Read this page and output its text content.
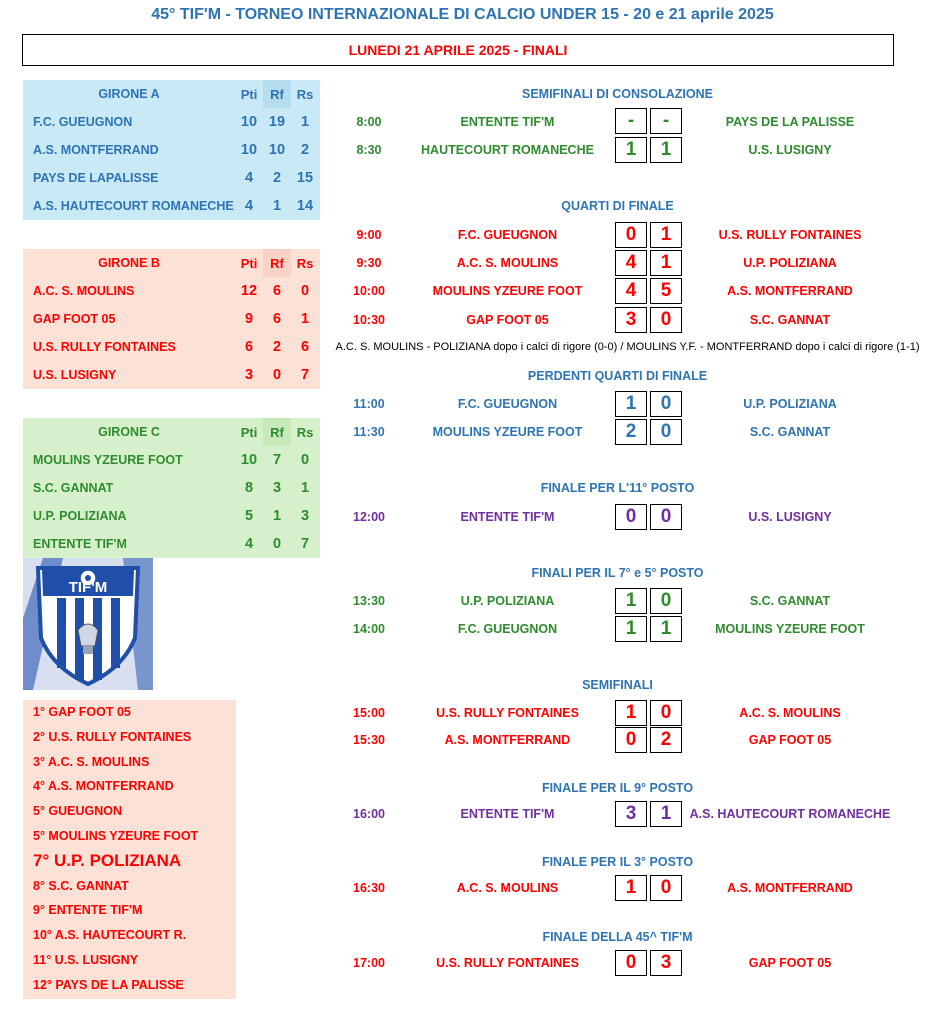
45° TIF'M - TORNEO INTERNAZIONALE DI CALCIO UNDER 15 - 20 e 21 aprile 2025
LUNEDI 21 APRILE 2025 - FINALI
GIRONE A	Pti Rf Rs
F.C. GUEUGNON	10 19	1
A.S. MONTFERRAND	10 10	2
PAYS DE LAPALISSE	4	2	15
A.S. HAUTECOURT ROMANECHE 4	1	14
GIRONE B	Pti Rf Rs
A.C. S. MOULINS	12	6	0
GAP FOOT 05	9	6	1
U.S. RULLY FONTAINES	6	2	6
U.S. LUSIGNY	3	0	7
GIRONE C	Pti Rf Rs
MOULINS YZEURE FOOT	10	7	0
S.C. GANNAT	8	3	1
U.P. POLIZIANA	5	1	3
ENTENTE TIF'M	4	0	7
TIF'M
1° GAP FOOT 05
2° U.S. RULLY FONTAINES
3° A.C. S. MOULINS
4° A.S. MONTFERRAND
5° GUEUGNON
5° MOULINS YZEURE FOOT
7° U.P. POLIZIANA
8° S.C. GANNAT
9° ENTENTE TIF'M
10° A.S. HAUTECOURT R.
11° U.S. LUSIGNY
12° PAYS DE LA PALISSE
SEMIFINALI DI CONSOLAZIONE
8:00	ENTENTE TIF'M	-	-	PAYS DE LA PALISSE
8:30	HAUTECOURT ROMANECHE	1	1	U.S. LUSIGNY
QUARTI DI FINALE
9:00	F.C. GUEUGNON	0	1	U.S. RULLY FONTAINES
9:30	A.C. S. MOULINS	4	1	U.P. POLIZIANA
10:00	MOULINS YZEURE FOOT	4	5	A.S. MONTFERRAND
10:30	GAP FOOT 05	3	0	S.C. GANNAT
A.C. S. MOULINS - POLIZIANA dopo i calci di rigore (0-0) / MOULINS Y.F. - MONTFERRAND dopo i calci di rigore (1-1)
PERDENTI QUARTI DI FINALE
11:00	F.C. GUEUGNON	1	0	U.P. POLIZIANA
11:30	MOULINS YZEURE FOOT	2	0	S.C. GANNAT
FINALE PER L'11° POSTO
12:00	ENTENTE TIF'M	0	0	U.S. LUSIGNY
FINALI PER IL 7° e 5° POSTO
13:30	U.P. POLIZIANA	1	0	S.C. GANNAT
14:00	F.C. GUEUGNON	1	1	MOULINS YZEURE FOOT
SEMIFINALI
15:00	U.S. RULLY FONTAINES	1	0	A.C. S. MOULINS
15:30	A.S. MONTFERRAND	0	2	GAP FOOT 05
FINALE PER IL 9° POSTO
16:00	ENTENTE TIF'M	3	1	A.S. HAUTECOURT ROMANECHE
FINALE PER IL 3° POSTO
16:30	A.C. S. MOULINS	1	0	A.S. MONTFERRAND
FINALE DELLA 45^ TIF'M
17:00	U.S. RULLY FONTAINES	0	3	GAP FOOT 05
